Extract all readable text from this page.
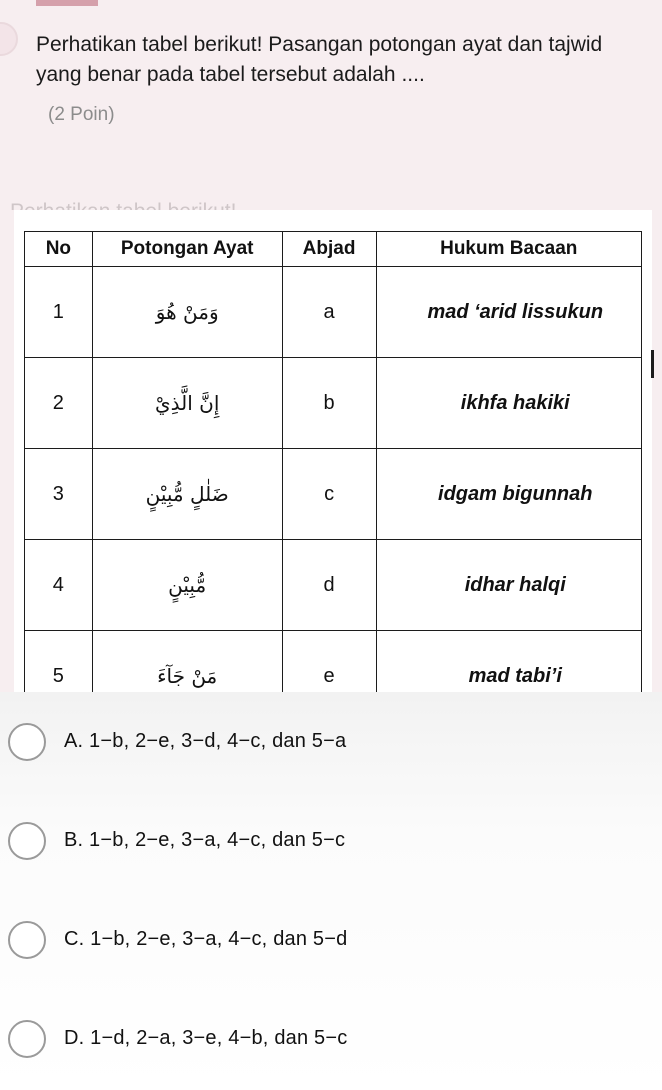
Perhatikan tabel berikut! Pasangan potongan ayat dan tajwid yang benar pada tabel tersebut adalah ....

(2 Poin)
No	Potongan Ayat	Abjad	Hukum Bacaan
1	وَمَنْ هُوَ	a	mad ‘arid lissukun
2	إِنَّ الَّذِيْ	b	ikhfa hakiki
3	ضَلٰلٍ مُّبِيْنٍ	c	idgam bigunnah
4	مُّبِيْنٍ	d	idhar halqi
5	مَنْ جَآءَ	e	mad tabi’i
A. 1−b, 2−e, 3−d, 4−c, dan 5−a
B. 1−b, 2−e, 3−a, 4−c, dan 5−c
C. 1−b, 2−e, 3−a, 4−c, dan 5−d
D. 1−d, 2−a, 3−e, 4−b, dan 5−c
